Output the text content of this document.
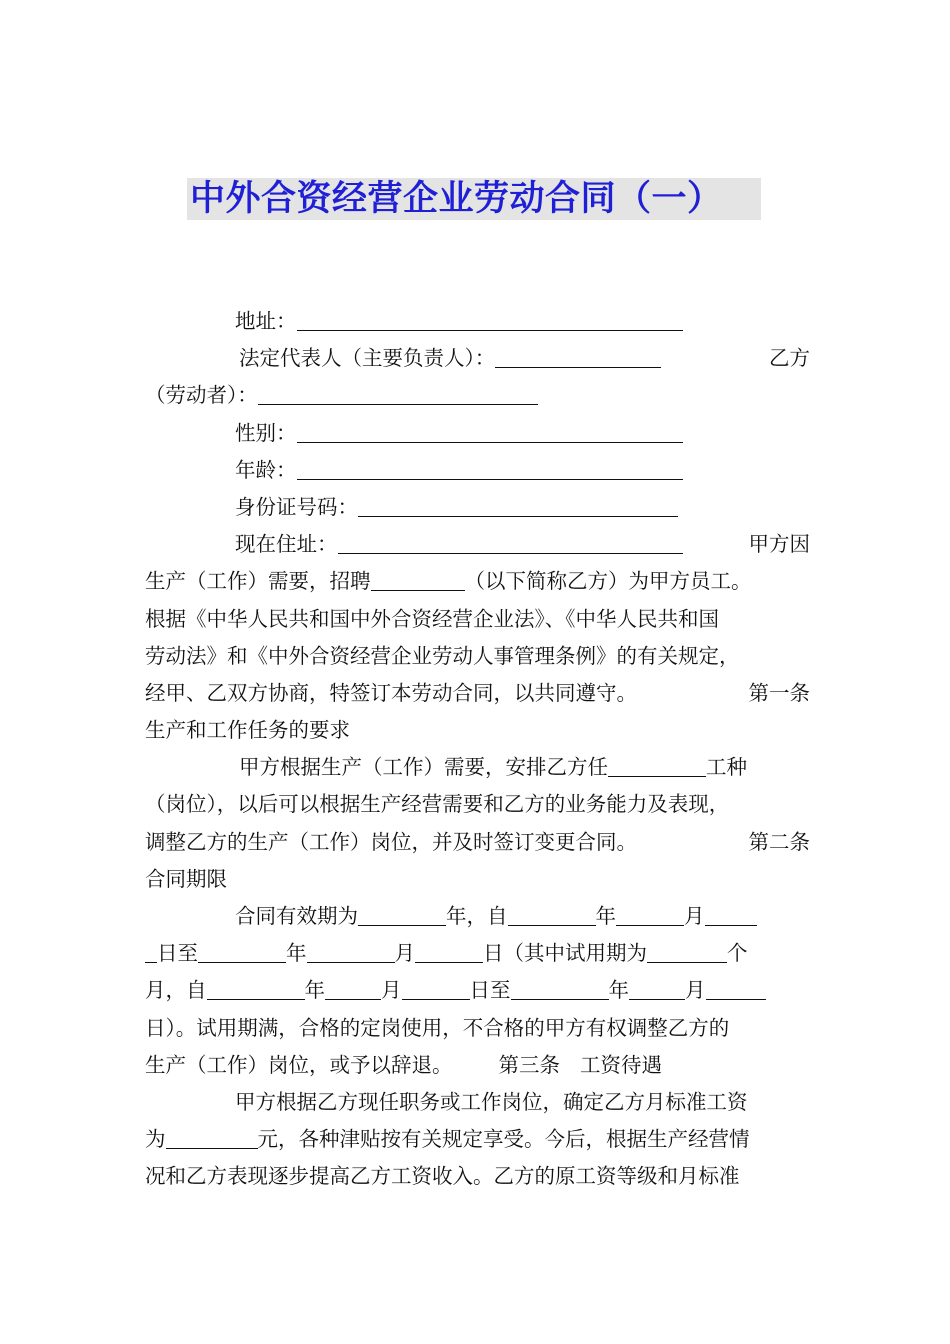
中外合资经营企业劳动合同（一）
地址：
法定代表人（主要负责人）：	乙方
（劳动者）：
性别：
年龄：
身份证号码：
现在住址：	甲方因
生产（工作）需要，招聘	（以下简称乙方）为甲方员工。
根据《中华人民共和国中外合资经营企业法》、《中华人民共和国
劳动法》和《中外合资经营企业劳动人事管理条例》的有关规定，
经甲、乙双方协商，特签订本劳动合同，以共同遵守。	第一条
生产和工作任务的要求
甲方根据生产（工作）需要，安排乙方任	工种
（岗位），以后可以根据生产经营需要和乙方的业务能力及表现，
调整乙方的生产（工作）岗位，并及时签订变更合同。	第二条
合同期限
合同有效期为	年，自	年	月
日至	年	月	日（其中试用期为	个
月，自	年	月	日至	年	月
日）。试用期满，合格的定岗使用，不合格的甲方有权调整乙方的
生产（工作）岗位，或予以辞退。 第三条 工资待遇
甲方根据乙方现任职务或工作岗位，确定乙方月标准工资
为	元，各种津贴按有关规定享受。今后，根据生产经营情
况和乙方表现逐步提高乙方工资收入。乙方的原工资等级和月标准
